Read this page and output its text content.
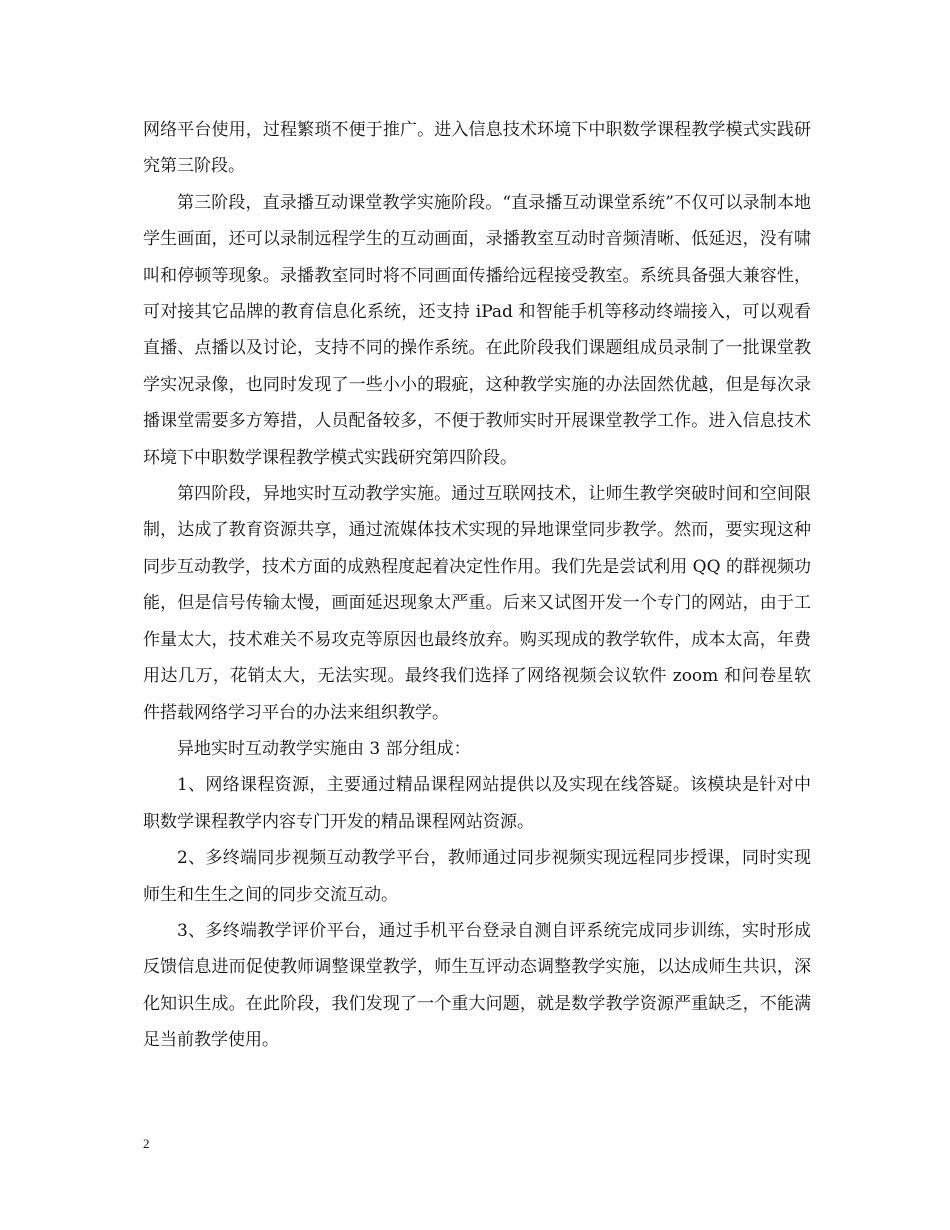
网络平台使用，过程繁琐不便于推广。进入信息技术环境下中职数学课程教学模式实践研究第三阶段。

第三阶段，直录播互动课堂教学实施阶段。“直录播互动课堂系统”不仅可以录制本地学生画面，还可以录制远程学生的互动画面，录播教室互动时音频清晰、低延迟，没有啸叫和停顿等现象。录播教室同时将不同画面传播给远程接受教室。系统具备强大兼容性，可对接其它品牌的教育信息化系统，还支持 iPad 和智能手机等移动终端接入，可以观看直播、点播以及讨论，支持不同的操作系统。在此阶段我们课题组成员录制了一批课堂教学实况录像，也同时发现了一些小小的瑕疵，这种教学实施的办法固然优越，但是每次录播课堂需要多方筹措，人员配备较多，不便于教师实时开展课堂教学工作。进入信息技术环境下中职数学课程教学模式实践研究第四阶段。

第四阶段，异地实时互动教学实施。通过互联网技术，让师生教学突破时间和空间限制，达成了教育资源共享，通过流媒体技术实现的异地课堂同步教学。然而，要实现这种同步互动教学，技术方面的成熟程度起着决定性作用。我们先是尝试利用 QQ 的群视频功能，但是信号传输太慢，画面延迟现象太严重。后来又试图开发一个专门的网站，由于工作量太大，技术难关不易攻克等原因也最终放弃。购买现成的教学软件，成本太高，年费用达几万，花销太大，无法实现。最终我们选择了网络视频会议软件 zoom 和问卷星软件搭载网络学习平台的办法来组织教学。

异地实时互动教学实施由 3 部分组成：

1、网络课程资源，主要通过精品课程网站提供以及实现在线答疑。该模块是针对中职数学课程教学内容专门开发的精品课程网站资源。

2、多终端同步视频互动教学平台，教师通过同步视频实现远程同步授课，同时实现师生和生生之间的同步交流互动。

3、多终端教学评价平台，通过手机平台登录自测自评系统完成同步训练，实时形成反馈信息进而促使教师调整课堂教学，师生互评动态调整教学实施，以达成师生共识，深化知识生成。在此阶段，我们发现了一个重大问题，就是数学教学资源严重缺乏，不能满足当前教学使用。

2
